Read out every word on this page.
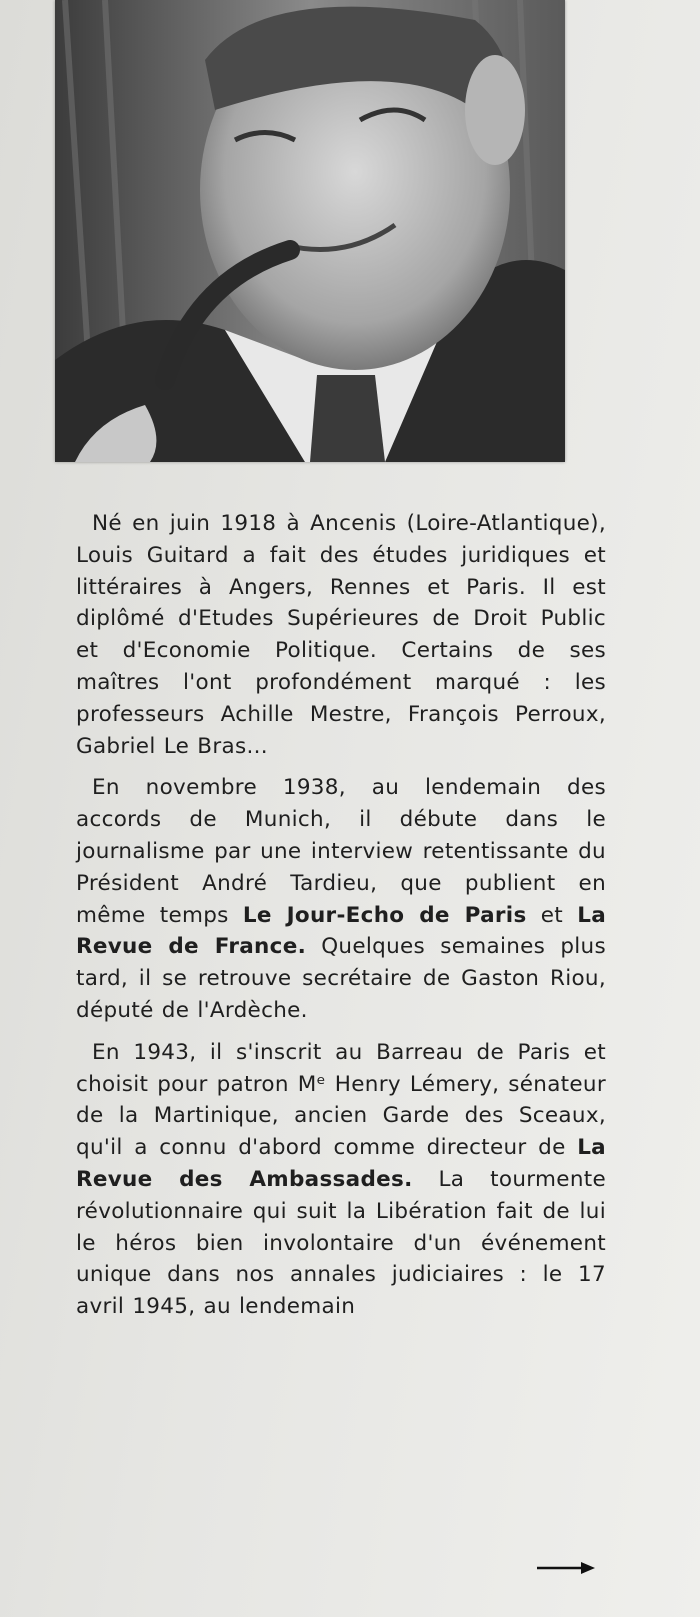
Né en juin 1918 à Ancenis (Loire-Atlantique), Louis Guitard a fait des études juridiques et littéraires à Angers, Rennes et Paris. Il est diplômé d'Etudes Supérieures de Droit Public et d'Economie Politique. Certains de ses maîtres l'ont profondément marqué : les professeurs Achille Mestre, François Perroux, Gabriel Le Bras...

En novembre 1938, au lendemain des accords de Munich, il débute dans le journalisme par une interview retentissante du Président André Tardieu, que publient en même temps Le Jour-Echo de Paris et La Revue de France. Quelques semaines plus tard, il se retrouve secrétaire de Gaston Riou, député de l'Ardèche.

En 1943, il s'inscrit au Barreau de Paris et choisit pour patron Mᵉ Henry Lémery, sénateur de la Martinique, ancien Garde des Sceaux, qu'il a connu d'abord comme directeur de La Revue des Ambassades. La tourmente révolutionnaire qui suit la Libération fait de lui le héros bien involontaire d'un événement unique dans nos annales judiciaires : le 17 avril 1945, au lendemain
